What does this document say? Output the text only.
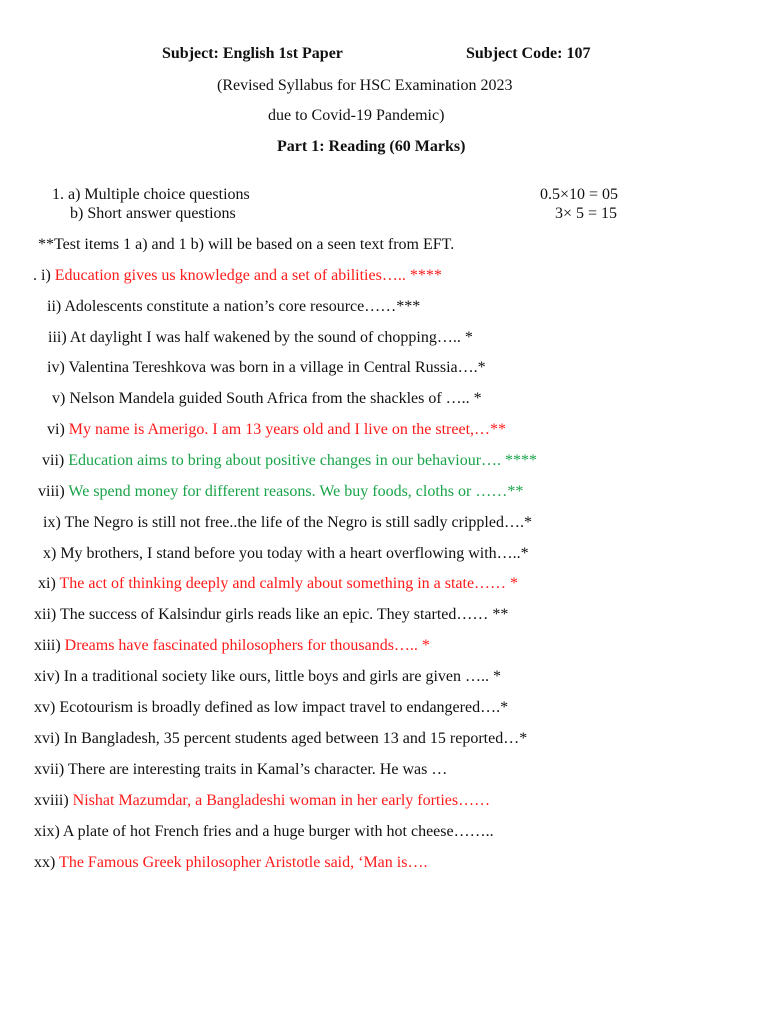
Subject: English 1st Paper	Subject Code: 107
(Revised Syllabus for HSC Examination 2023
due to Covid-19 Pandemic)
Part 1: Reading (60 Marks)
1. a) Multiple choice questions	0.5×10 = 05
b) Short answer questions	3× 5 = 15
**Test items 1 a) and 1 b) will be based on a seen text from EFT.
. i) Education gives us knowledge and a set of abilities….. ****
ii) Adolescents constitute a nation’s core resource……***
iii) At daylight I was half wakened by the sound of chopping….. *
iv) Valentina Tereshkova was born in a village in Central Russia….*
v) Nelson Mandela guided South Africa from the shackles of ….. *
vi) My name is Amerigo. I am 13 years old and I live on the street,…**
vii) Education aims to bring about positive changes in our behaviour…. ****
viii) We spend money for different reasons. We buy foods, cloths or ……**
ix) The Negro is still not free..the life of the Negro is still sadly crippled….*
x) My brothers, I stand before you today with a heart overflowing with…..*
xi) The act of thinking deeply and calmly about something in a state…… *
xii) The success of Kalsindur girls reads like an epic. They started…… **
xiii) Dreams have fascinated philosophers for thousands….. *
xiv) In a traditional society like ours, little boys and girls are given ….. *
xv) Ecotourism is broadly defined as low impact travel to endangered….*
xvi) In Bangladesh, 35 percent students aged between 13 and 15 reported…*
xvii) There are interesting traits in Kamal’s character. He was …
xviii) Nishat Mazumdar, a Bangladeshi woman in her early forties……
xix) A plate of hot French fries and a huge burger with hot cheese……..
xx) The Famous Greek philosopher Aristotle said, ‘Man is….
